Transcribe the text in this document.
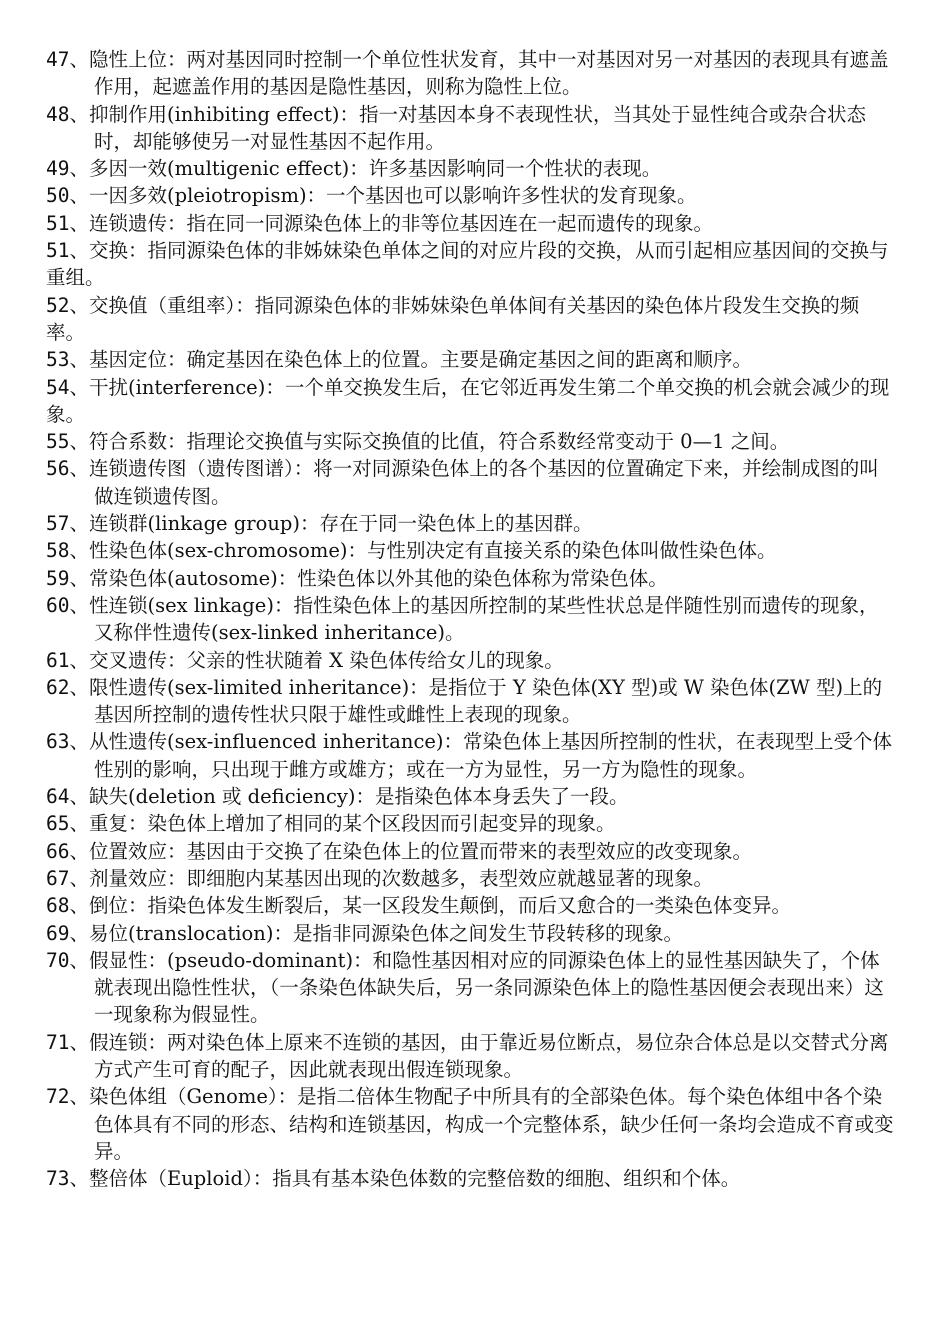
47、隐性上位：两对基因同时控制一个单位性状发育，其中一对基因对另一对基因的表现具有遮盖作用，起遮盖作用的基因是隐性基因，则称为隐性上位。

48、抑制作用(inhibiting effect)：指一对基因本身不表现性状，当其处于显性纯合或杂合状态时，却能够使另一对显性基因不起作用。

49、多因一效(multigenic effect)：许多基因影响同一个性状的表现。

50、一因多效(pleiotropism)：一个基因也可以影响许多性状的发育现象。

51、连锁遗传：指在同一同源染色体上的非等位基因连在一起而遗传的现象。

51、交换：指同源染色体的非姊妹染色单体之间的对应片段的交换，从而引起相应基因间的交换与重组。

52、交换值（重组率）：指同源染色体的非姊妹染色单体间有关基因的染色体片段发生交换的频率。

53、基因定位：确定基因在染色体上的位置。主要是确定基因之间的距离和顺序。

54、干扰(interference)：一个单交换发生后，在它邻近再发生第二个单交换的机会就会减少的现象。

55、符合系数：指理论交换值与实际交换值的比值，符合系数经常变动于 0—1 之间。

56、连锁遗传图（遗传图谱）：将一对同源染色体上的各个基因的位置确定下来，并绘制成图的叫做连锁遗传图。

57、连锁群(linkage group)：存在于同一染色体上的基因群。

58、性染色体(sex-chromosome)：与性别决定有直接关系的染色体叫做性染色体。

59、常染色体(autosome)：性染色体以外其他的染色体称为常染色体。

60、性连锁(sex linkage)：指性染色体上的基因所控制的某些性状总是伴随性别而遗传的现象，又称伴性遗传(sex-linked inheritance)。

61、交叉遗传：父亲的性状随着 X 染色体传给女儿的现象。

62、限性遗传(sex-limited inheritance)：是指位于 Y 染色体(XY 型)或 W 染色体(ZW 型)上的基因所控制的遗传性状只限于雄性或雌性上表现的现象。

63、从性遗传(sex-influenced inheritance)：常染色体上基因所控制的性状，在表现型上受个体性别的影响，只出现于雌方或雄方；或在一方为显性，另一方为隐性的现象。

64、缺失(deletion 或 deficiency)：是指染色体本身丢失了一段。

65、重复：染色体上增加了相同的某个区段因而引起变异的现象。

66、位置效应：基因由于交换了在染色体上的位置而带来的表型效应的改变现象。

67、剂量效应：即细胞内某基因出现的次数越多，表型效应就越显著的现象。

68、倒位：指染色体发生断裂后，某一区段发生颠倒，而后又愈合的一类染色体变异。

69、易位(translocation)：是指非同源染色体之间发生节段转移的现象。

70、假显性：(pseudo-dominant)：和隐性基因相对应的同源染色体上的显性基因缺失了，个体就表现出隐性性状，（一条染色体缺失后，另一条同源染色体上的隐性基因便会表现出来）这一现象称为假显性。

71、假连锁：两对染色体上原来不连锁的基因，由于靠近易位断点，易位杂合体总是以交替式分离方式产生可育的配子，因此就表现出假连锁现象。

72、染色体组（Genome）：是指二倍体生物配子中所具有的全部染色体。每个染色体组中各个染色体具有不同的形态、结构和连锁基因，构成一个完整体系，缺少任何一条均会造成不育或变异。

73、整倍体（Euploid）：指具有基本染色体数的完整倍数的细胞、组织和个体。
